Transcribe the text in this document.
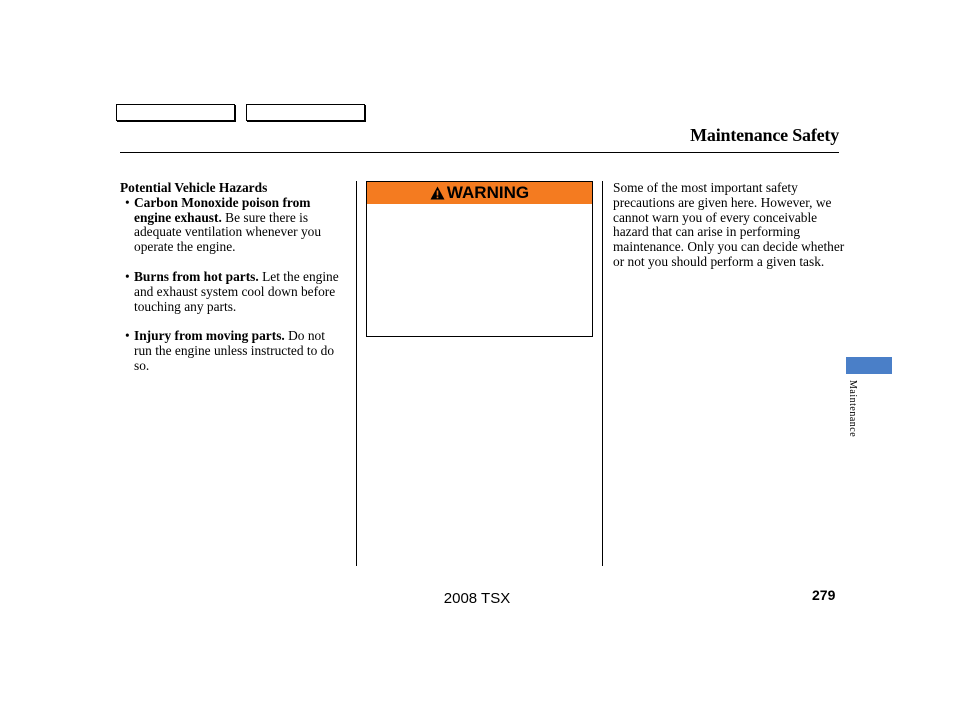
Maintenance Safety
Potential Vehicle Hazards
• Carbon Monoxide poison from engine exhaust. Be sure there is adequate ventilation whenever you operate the engine.
• Burns from hot parts. Let the engine and exhaust system cool down before touching any parts.
• Injury from moving parts. Do not run the engine unless instructed to do so.
WARNING	Some of the most important safety precautions are given here. However, we cannot warn you of every conceivable hazard that can arise in performing maintenance. Only you can decide whether or not you should perform a given task.
Maintenance
2008 TSX	279
